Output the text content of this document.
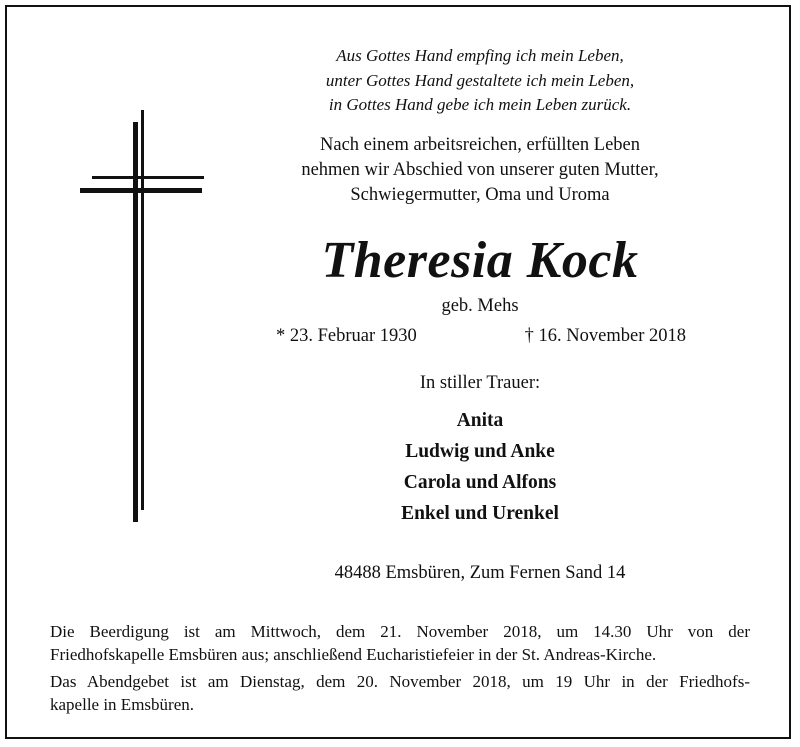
Aus Gottes Hand empfing ich mein Leben,
unter Gottes Hand gestaltete ich mein Leben,
in Gottes Hand gebe ich mein Leben zurück.
Nach einem arbeitsreichen, erfüllten Leben
nehmen wir Abschied von unserer guten Mutter,
Schwiegermutter, Oma und Uroma
Theresia Kock
geb. Mehs
* 23. Februar 1930	† 16. November 2018
In stiller Trauer:
Anita
Ludwig und Anke
Carola und Alfons
Enkel und Urenkel
48488 Emsbüren, Zum Fernen Sand 14
Die Beerdigung ist am Mittwoch, dem 21. November 2018, um 14.30 Uhr von der
Friedhofskapelle Emsbüren aus; anschließend Eucharistiefeier in der St. Andreas-Kirche.
Das Abendgebet ist am Dienstag, dem 20. November 2018, um 19 Uhr in der Friedhofs-
kapelle in Emsbüren.
